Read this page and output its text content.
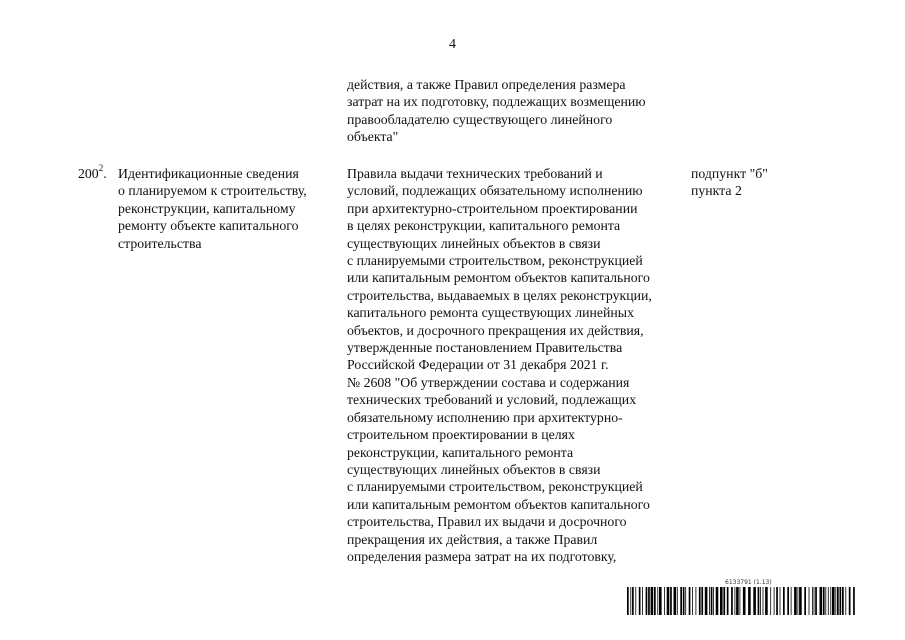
4
действия, а также Правил определения размера
затрат на их подготовку, подлежащих возмещению
правообладателю существующего линейного
объекта"
$200^2$. Идентификационные сведения
о планируемом к строительству,
реконструкции, капитальному
ремонту объекте капитального
строительства
Правила выдачи технических требований и
условий, подлежащих обязательному исполнению
при архитектурно-строительном проектировании
в целях реконструкции, капитального ремонта
существующих линейных объектов в связи
с планируемыми строительством, реконструкцией
или капитальным ремонтом объектов капитального
строительства, выдаваемых в целях реконструкции,
капитального ремонта существующих линейных
объектов, и досрочного прекращения их действия,
утвержденные постановлением Правительства
Российской Федерации от 31 декабря 2021 г.
№ 2608 "Об утверждении состава и содержания
технических требований и условий, подлежащих
обязательному исполнению при архитектурно-
строительном проектировании в целях
реконструкции, капитального ремонта
существующих линейных объектов в связи
с планируемыми строительством, реконструкцией
или капитальным ремонтом объектов капитального
строительства, Правил их выдачи и досрочного
прекращения их действия, а также Правил
определения размера затрат на их подготовку,
подпункт "б"
пункта 2
6133791 (1.13)
